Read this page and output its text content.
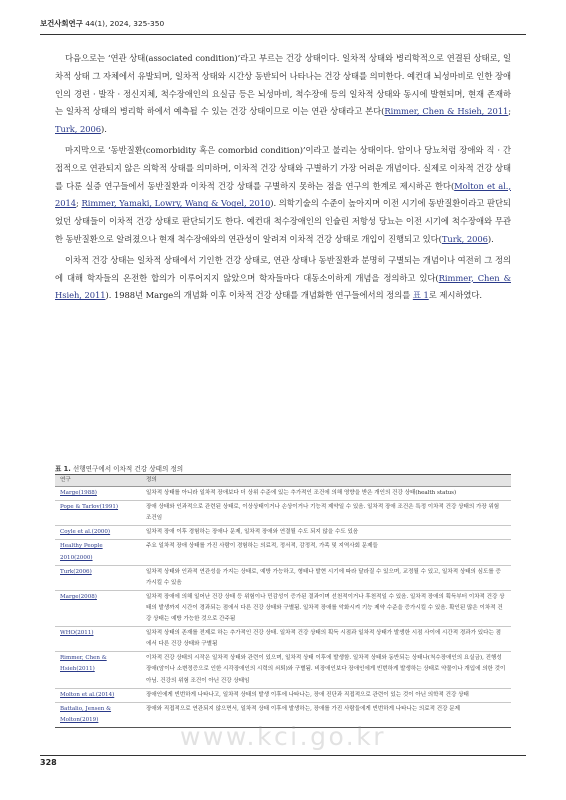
보건사회연구 44(1), 2024, 325-350

다음으로는 ‘연관 상태(associated condition)’라고 부르는 건강 상태이다. 일차적 상태와 병리학적으로 연결된 상태로, 일차적 상태 그 자체에서 유발되며, 일차적 상태와 시간상 동반되어 나타나는 건강 상태를 의미한다. 예컨대 뇌성마비로 인한 장애인의 경련 · 발작 · 정신지체, 척수장애인의 요실금 등은 뇌성마비, 척수장애 등의 일차적 상태와 동시에 발현되며, 현재 존재하는 일차적 상태의 병리학 하에서 예측될 수 있는 건강 상태이므로 이는 연관 상태라고 본다(Rimmer, Chen & Hsieh, 2011; Turk, 2006).

마지막으로 ‘동반질환(comorbidity 혹은 comorbid condition)’이라고 불리는 상태이다. 암이나 당뇨처럼 장애와 직 · 간접적으로 연관되지 않은 의학적 상태를 의미하며, 이차적 건강 상태와 구별하기 가장 어려운 개념이다. 실제로 이차적 건강 상태를 다룬 실증 연구들에서 동반질환과 이차적 건강 상태를 구별하지 못하는 점을 연구의 한계로 제시하곤 한다(Molton et al., 2014; Rimmer, Yamaki, Lowry, Wang & Vogel, 2010). 의학기술의 수준이 높아지며 이전 시기에 동반질환이라고 판단되었던 상태들이 이차적 건강 상태로 판단되기도 한다. 예컨대 척수장애인의 인슐린 저항성 당뇨는 이전 시기에 척수장애와 무관한 동반질환으로 알려졌으나 현재 척수장애와의 연관성이 알려져 이차적 건강 상태로 개입이 진행되고 있다(Turk, 2006).

이차적 건강 상태는 일차적 상태에서 기인한 건강 상태로, 연관 상태나 동반질환과 분명히 구별되는 개념이나 여전히 그 정의에 대해 학자들의 온전한 합의가 이루어지지 않았으며 학자들마다 대동소이하게 개념을 정의하고 있다(Rimmer, Chen & Hsieh, 2011). 1988년 Marge의 개념화 이후 이차적 건강 상태를 개념화한 연구들에서의 정의를 표 1로 제시하였다.

표 1. 선행연구에서 이차적 건강 상태의 정의
연구	정의
Marge(1988)	일차적 상태를 아니라 일차적 장애보다 더 상위 수준에 있는 추가적인 조건에 의해 영향을 받은 개인의 건강 상태(health status)
Pope & Tarlov(1991)	장애 상태와 인과적으로 관련된 상태로, 이상상태이거나 손상이거나 기능적 제약일 수 있음. 일차적 장애 조건은 특정 이차적 건강 상태의 가장 위험 조건임
Coyle et al.(2000)	일차적 장애 이후 경험하는 장애나 문제, 일차적 장애와 연결될 수도 되지 않을 수도 있음
Healthy People 2010(2000)	주요 일차적 장애 상태를 가진 사람이 경험하는 의료적, 정서적, 감정적, 가족 및 지역사회 문제들
Turk(2006)	일차적 상태와 인과적 연관성을 가지는 상태로, 예방 가능하고, 형태나 발현 시기에 따라 달라질 수 있으며, 교정될 수 있고, 일차적 상태의 심도를 증가시킬 수 있음
Marge(2008)	일차적 장애에 의해 일어난 건강 상태 등 위험이나 민감성이 증가된 결과이며 선천적이거나 후천적일 수 있음. 일차적 장애의 획득부터 이차적 건강 상태의 발생까지 시간이 경과되는 점에서 다른 건강 상태와 구별됨. 일차적 장애를 악화시켜 기능 제약 수준을 증가시킬 수 있음. 확인된 많은 이차적 건강 상태는 예방 가능한 것으로 간주됨
WHO(2011)	일차적 상태의 존재를 전제로 하는 추가적인 건강 상태. 일차적 건강 상태의 획득 시점과 일차적 상태가 발생한 시점 사이에 시간적 경과가 있다는 점에서 다른 건강 상태와 구별됨
Rimmer, Chen & Hsieh(2011)	이차적 건강 상태의 시작은 일차적 상태와 관련이 있으며, 일차적 상태 이후에 발생함. 일차적 상태와 동반되는 상태나(척수장애인의 요실금), 진행성 장애(암이나 소변정증으로 인한 시각장애인의 시력의 쇠퇴)와 구별됨. 비장애인보다 장애인에게 빈번하게 발생하는 상태로 약물이나 개입에 의한 것이 아님. 건강의 위험 조건이 아닌 건강 상태임
Molton et al.(2014)	장애인에게 빈번하게 나타나고, 일차적 상태의 발생 이후에 나타나는, 장애 진단과 직접적으로 관련이 있는 것이 아닌 의학적 건강 상태
Battalio, Jensen & Molton(2019)	장애와 직접적으로 연관되지 않으면서, 일차적 상태 이후에 발생하는, 장애를 가진 사람들에게 빈번하게 나타나는 의료적 건강 문제
www.kci.go.kr
328
